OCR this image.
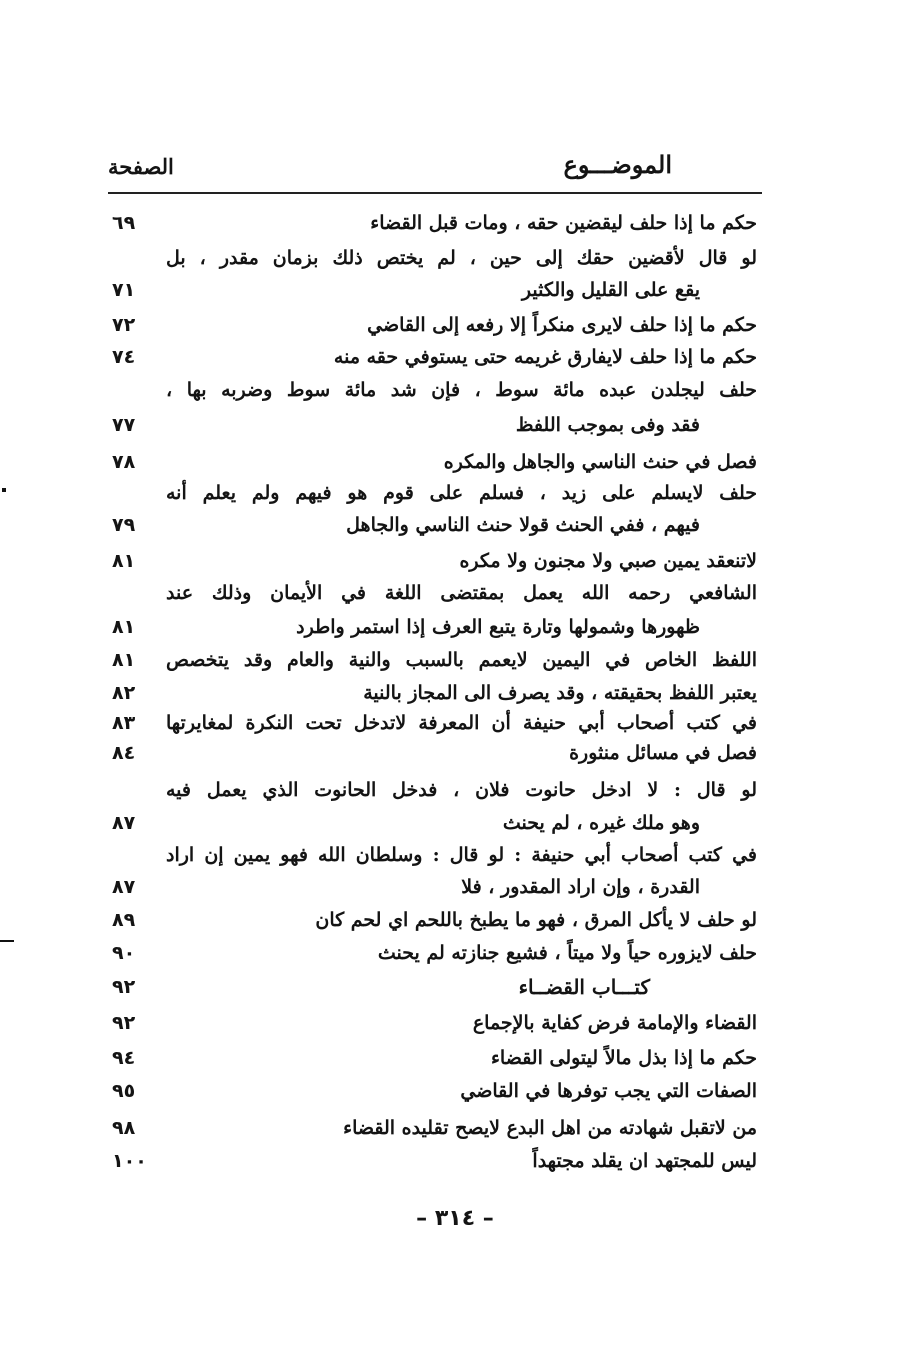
الموضـــوع
الصفحة
حكم ما إذا حلف ليقضين حقه ، ومات قبل القضاء
٦٩
لو قال لأقضين حقك إلى حين ، لم يختص ذلك بزمان مقدر ، بل
يقع على القليل والكثير
٧١
حكم ما إذا حلف لايرى منكراً إلا رفعه إلى القاضي
٧٢
حكم ما إذا حلف لايفارق غريمه حتى يستوفي حقه منه
٧٤
حلف ليجلدن عبده مائة سوط ، فإن شد مائة سوط وضربه بها ،
فقد وفى بموجب اللفظ
٧٧
فصل في حنث الناسي والجاهل والمكره
٧٨
حلف لايسلم على زيد ، فسلم على قوم هو فيهم ولم يعلم أنه
فيهم ، ففي الحنث قولا حنث الناسي والجاهل
٧٩
لاتنعقد يمين صبي ولا مجنون ولا مكره
٨١
الشافعي رحمه الله يعمل بمقتضى اللغة في الأيمان وذلك عند
ظهورها وشمولها وتارة يتبع العرف إذا استمر واطرد
٨١
اللفظ الخاص في اليمين لايعمم بالسبب والنية والعام وقد يتخصص
٨١
يعتبر اللفظ بحقيقته ، وقد يصرف الى المجاز بالنية
٨٢
في كتب أصحاب أبي حنيفة أن المعرفة لاتدخل تحت النكرة لمغايرتها
٨٣
فصل في مسائل منثورة
٨٤
لو قال : لا ادخل حانوت فلان ، فدخل الحانوت الذي يعمل فيه
وهو ملك غيره ، لم يحنث
٨٧
في كتب أصحاب أبي حنيفة : لو قال : وسلطان الله فهو يمين إن اراد
القدرة ، وإن اراد المقدور ، فلا
٨٧
لو حلف لا يأكل المرق ، فهو ما يطبخ باللحم اي لحم كان
٨٩
حلف لايزوره حياً ولا ميتاً ، فشيع جنازته لم يحنث
٩٠
كتـــاب القضــاء
٩٢
القضاء والإمامة فرض كفاية بالإجماع
٩٢
حكم ما إذا بذل مالاً ليتولى القضاء
٩٤
الصفات التي يجب توفرها في القاضي
٩٥
من لاتقبل شهادته من اهل البدع لايصح تقليده القضاء
٩٨
ليس للمجتهد ان يقلد مجتهداً
١٠٠
– ٣١٤ –
